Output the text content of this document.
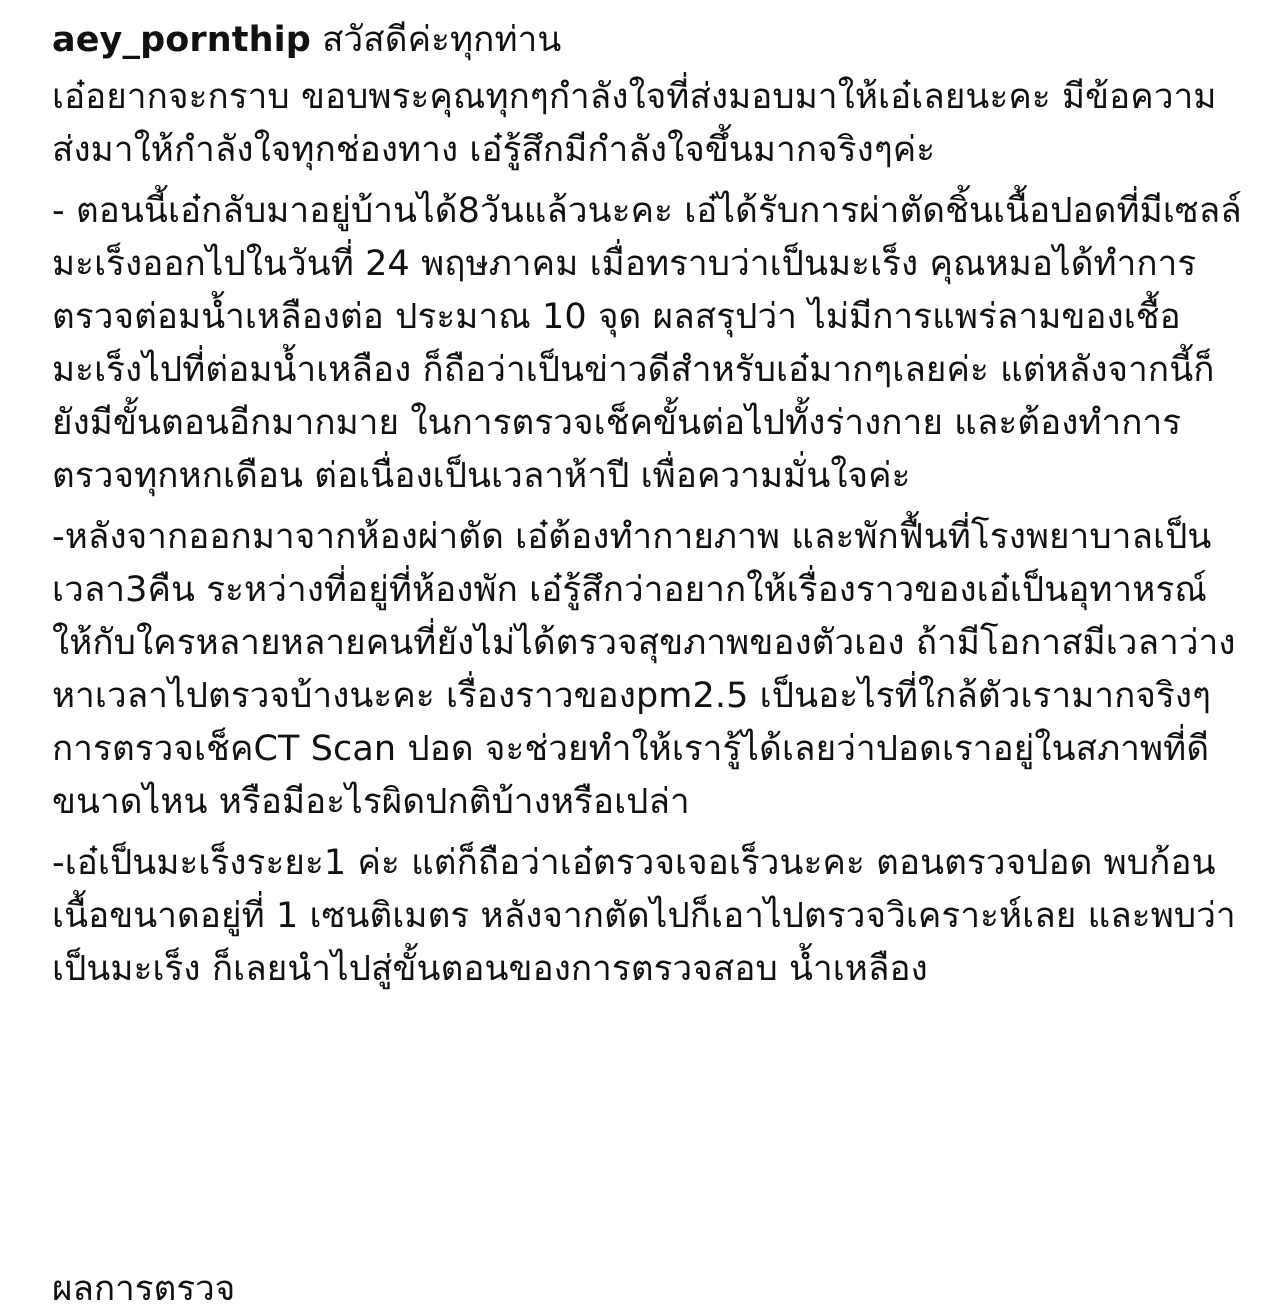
aey_pornthip สวัสดีค่ะทุกท่าน

เอ๋อยากจะกราบ ขอบพระคุณทุกๆกำลังใจที่ส่งมอบมาให้เอ๋เลยนะคะ มีข้อความส่งมาให้กำลังใจทุกช่องทาง เอ๋รู้สึกมีกำลังใจขึ้นมากจริงๆค่ะ

- ตอนนี้เอ๋กลับมาอยู่บ้านได้8วันแล้วนะคะ เอ๋ได้รับการผ่าตัดชิ้นเนื้อปอดที่มีเซลล์มะเร็งออกไปในวันที่ 24 พฤษภาคม เมื่อทราบว่าเป็นมะเร็ง คุณหมอได้ทำการตรวจต่อมน้ำเหลืองต่อ ประมาณ 10 จุด ผลสรุปว่า ไม่มีการแพร่ลามของเชื้อมะเร็งไปที่ต่อมน้ำเหลือง ก็ถือว่าเป็นข่าวดีสำหรับเอ๋มากๆเลยค่ะ แต่หลังจากนี้ก็ยังมีขั้นตอนอีกมากมาย ในการตรวจเช็คขั้นต่อไปทั้งร่างกาย และต้องทำการตรวจทุกหกเดือน ต่อเนื่องเป็นเวลาห้าปี เพื่อความมั่นใจค่ะ

-หลังจากออกมาจากห้องผ่าตัด เอ๋ต้องทำกายภาพ และพักฟื้นที่โรงพยาบาลเป็นเวลา3คืน ระหว่างที่อยู่ที่ห้องพัก เอ๋รู้สึกว่าอยากให้เรื่องราวของเอ๋เป็นอุทาหรณ์ให้กับใครหลายหลายคนที่ยังไม่ได้ตรวจสุขภาพของตัวเอง ถ้ามีโอกาสมีเวลาว่างหาเวลาไปตรวจบ้างนะคะ เรื่องราวของpm2.5 เป็นอะไรที่ใกล้ตัวเรามากจริงๆ การตรวจเช็คCT Scan ปอด จะช่วยทำให้เรารู้ได้เลยว่าปอดเราอยู่ในสภาพที่ดีขนาดไหน หรือมีอะไรผิดปกติบ้างหรือเปล่า

-เอ๋เป็นมะเร็งระยะ1 ค่ะ แต่ก็ถือว่าเอ๋ตรวจเจอเร็วนะคะ ตอนตรวจปอด พบก้อนเนื้อขนาดอยู่ที่ 1 เซนติเมตร หลังจากตัดไปก็เอาไปตรวจวิเคราะห์เลย และพบว่าเป็นมะเร็ง ก็เลยนำไปสู่ขั้นตอนของการตรวจสอบ น้ำเหลือง

ผลการตรวจ
